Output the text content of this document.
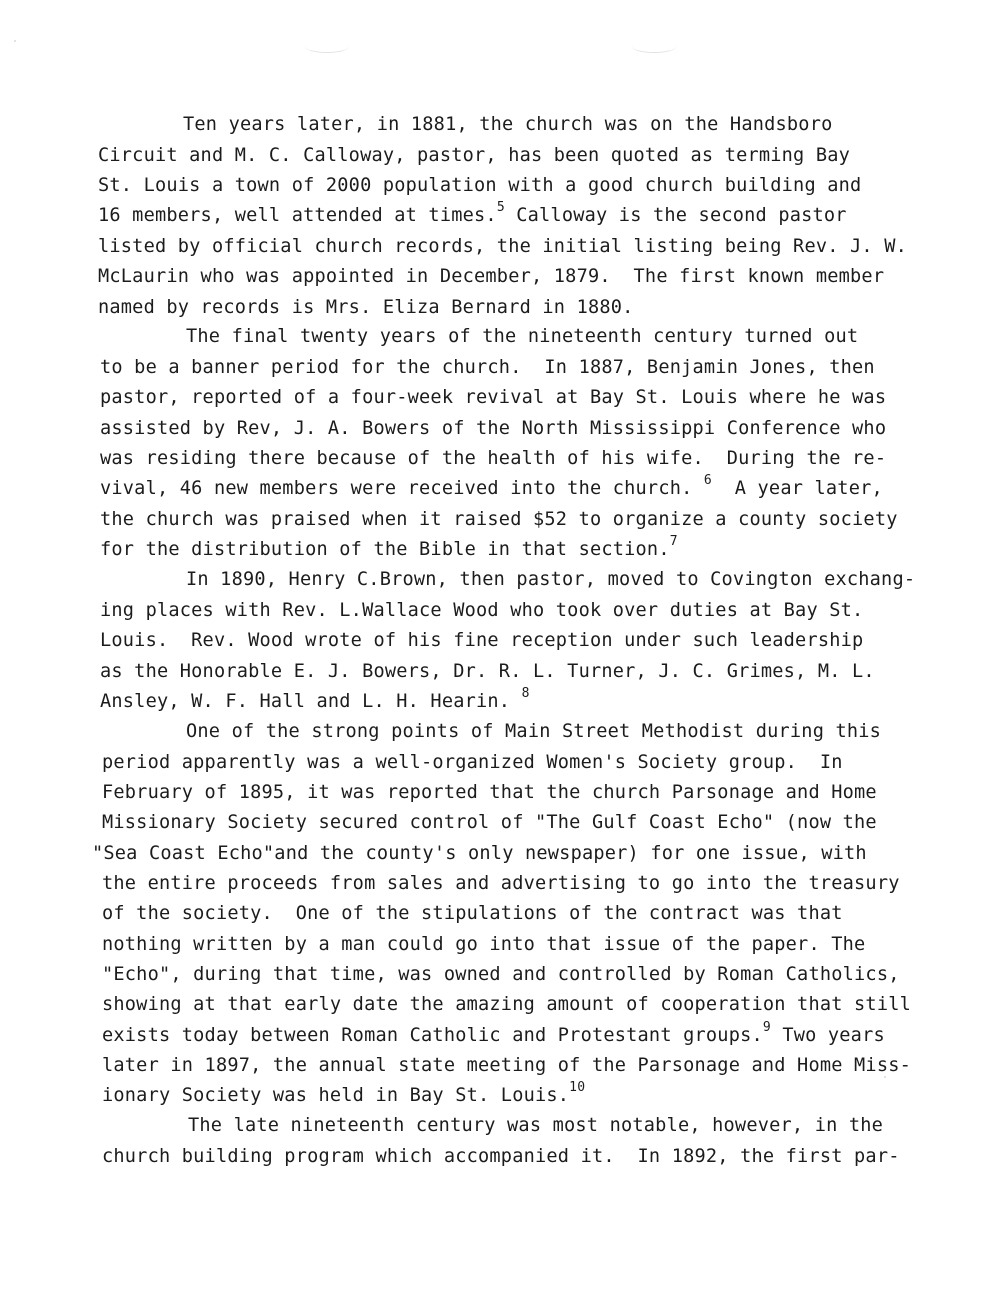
Ten years later, in 1881, the church was on the Handsboro
Circuit and M. C. Calloway, pastor, has been quoted as terming Bay
St. Louis a town of 2000 population with a good church building and
16 members, well attended at times.$^5$ Calloway is the second pastor
listed by official church records, the initial listing being Rev. J. W.
McLaurin who was appointed in December, 1879.  The first known member
named by records is Mrs. Eliza Bernard in 1880.
The final twenty years of the nineteenth century turned out
to be a banner period for the church.  In 1887, Benjamin Jones, then
pastor, reported of a four-week revival at Bay St. Louis where he was
assisted by Rev, J. A. Bowers of the North Mississippi Conference who
was residing there because of the health of his wife.  During the re-
vival, 46 new members were received into the church. $^6$ A year later,
the church was praised when it raised $52 to organize a county society
for the distribution of the Bible in that section.$^7$
In 1890, Henry C.Brown, then pastor, moved to Covington exchang-
ing places with Rev. L.Wallace Wood who took over duties at Bay St.
Louis.  Rev. Wood wrote of his fine reception under such leadership
as the Honorable E. J. Bowers, Dr. R. L. Turner, J. C. Grimes, M. L.
Ansley, W. F. Hall and L. H. Hearin. $^8$
One of the strong points of Main Street Methodist during this
period apparently was a well-organized Women's Society group.  In
February of 1895, it was reported that the church Parsonage and Home
Missionary Society secured control of "The Gulf Coast Echo" (now the
"Sea Coast Echo"and the county's only newspaper) for one issue, with
the entire proceeds from sales and advertising to go into the treasury
of the society.  One of the stipulations of the contract was that
nothing written by a man could go into that issue of the paper. The
"Echo", during that time, was owned and controlled by Roman Catholics,
showing at that early date the amazing amount of cooperation that still
exists today between Roman Catholic and Protestant groups.$^9$ Two years
later in 1897, the annual state meeting of the Parsonage and Home Miss-
ionary Society was held in Bay St. Louis.$^{10}$
The late nineteenth century was most notable, however, in the
church building program which accompanied it.  In 1892, the first par-
